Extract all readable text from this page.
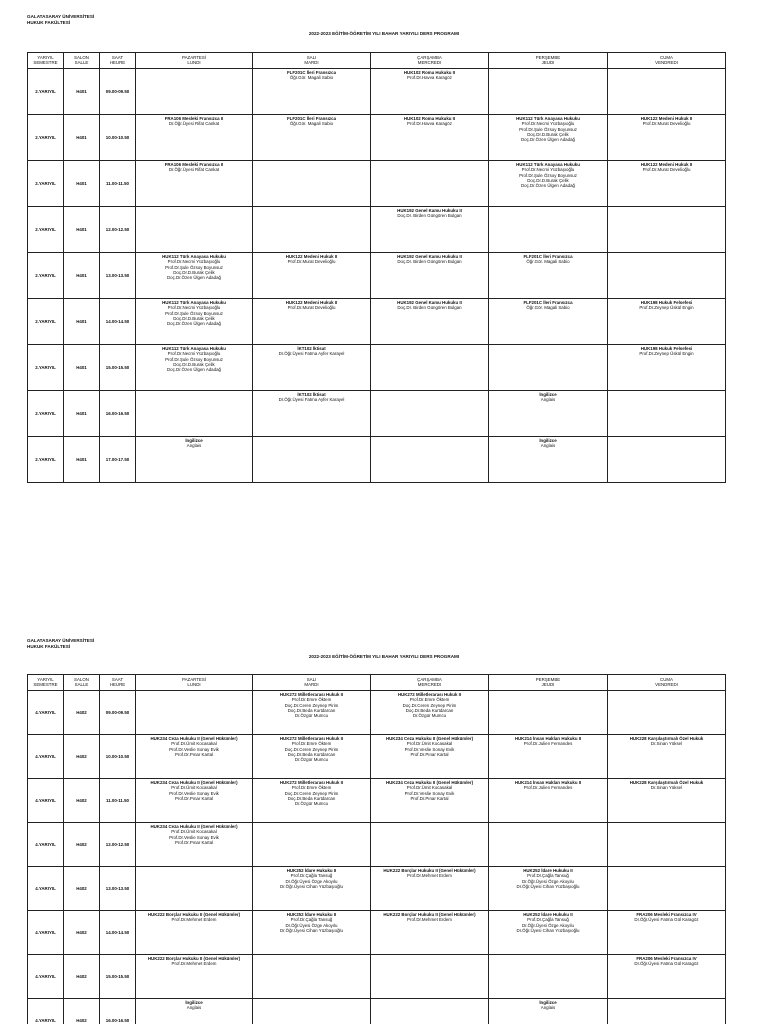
GALATASARAY ÜNİVERSİTESİ
HUKUK FAKÜLTESİ
2022-2023 EĞİTİM-ÖĞRETİM YILI BAHAR YARIYILI DERS PROGRAMI
YARIYIL
SEMESTRE	SALON
SALLE	SAAT
HEURE	PAZARTESİ
LUNDI	SALI
MARDI	ÇARŞAMBA
MERCREDI	PERŞEMBE
JEUDI	CUMA
VENDREDI

2.YARIYIL	H401	09.00-09.50		FLF201C İleri Fransızca
Öğr.Gör. Magali Sabio	HUK102 Roma Hukuku II
Prof.Dr.Havva Karagöz		

2.YARIYIL	H401	10.00-10.50	FRA106 Mesleki Fransızca II
Dr.Öğr.Üyesi Rifat Cankat	FLF201C İleri Fransızca
Öğr.Gör. Magali Sabio	HUK102 Roma Hukuku II
Prof.Dr.Havva Karagöz	HUK112 Türk Anayasa Hukuku
Prof.Dr.Necmi Yüzbaşıoğlu
Prof.Dr.Şule Özsoy Boyunsuz
Doç.Dr.D.Burak Çelik
Doç.Dr.Özen Ülgen Adadağ	HUK122 Medeni Hukuk II
Prof.Dr.Murat Develioğlu

2.YARIYIL	H401	11.00-11.50	FRA106 Mesleki Fransızca II
Dr.Öğr.Üyesi Rifat Cankat			HUK112 Türk Anayasa Hukuku
Prof.Dr.Necmi Yüzbaşıoğlu
Prof.Dr.Şule Özsoy Boyunsuz
Doç.Dr.D.Burak Çelik
Doç.Dr.Özen Ülgen Adadağ	HUK122 Medeni Hukuk II
Prof.Dr.Murat Develioğlu

2.YARIYIL	H401	12.00-12.50			HUK192 Genel Kamu Hukuku II
Doç.Dr. Birden Güngören Bulgan		

2.YARIYIL	H401	13.00-13.50	HUK112 Türk Anayasa Hukuku
Prof.Dr.Necmi Yüzbaşıoğlu
Prof.Dr.Şule Özsoy Boyunsuz
Doç.Dr.D.Burak Çelik
Doç.Dr.Özen Ülgen Adadağ	HUK122 Medeni Hukuk II
Prof.Dr.Murat Develioğlu	HUK192 Genel Kamu Hukuku II
Doç.Dr. Birden Güngören Bulgan	FLF201C İleri Fransızca
Öğr.Gör. Magali Sabio	

2.YARIYIL	H401	14.00-14.50	HUK112 Türk Anayasa Hukuku
Prof.Dr.Necmi Yüzbaşıoğlu
Prof.Dr.Şule Özsoy Boyunsuz
Doç.Dr.D.Burak Çelik
Doç.Dr.Özen Ülgen Adadağ	HUK122 Medeni Hukuk II
Prof.Dr.Murat Develioğlu	HUK192 Genel Kamu Hukuku II
Doç.Dr. Birden Güngören Bulgan	FLF201C İleri Fransızca
Öğr.Gör. Magali Sabio	HUK198 Hukuk Felsefesi
Prof.Dr.Zeynep Üskül Engin

2.YARIYIL	H401	15.00-15.50	HUK112 Türk Anayasa Hukuku
Prof.Dr.Necmi Yüzbaşıoğlu
Prof.Dr.Şule Özsoy Boyunsuz
Doç.Dr.D.Burak Çelik
Doç.Dr.Özen Ülgen Adadağ	İKT102 İktisat
Dr.Öğr.Üyesi Fatma Ayfer Karayel			HUK198 Hukuk Felsefesi
Prof.Dr.Zeynep Üskül Engin

2.YARIYIL	H401	16.00-16.50		İKT102 İktisat
Dr.Öğr.Üyesi Fatma Ayfer Karayel		İngilizce
Anglais	

2.YARIYIL	H401	17.00-17.50	İngilizce
Anglais			İngilizce
Anglais	

GALATASARAY ÜNİVERSİTESİ
HUKUK FAKÜLTESİ
2022-2023 EĞİTİM-ÖĞRETİM YILI BAHAR YARIYILI DERS PROGRAMI
YARIYIL
SEMESTRE	SALON
SALLE	SAAT
HEURE	PAZARTESİ
LUNDI	SALI
MARDI	ÇARŞAMBA
MERCREDI	PERŞEMBE
JEUDI	CUMA
VENDREDI

4.YARIYIL	H402	09.00-09.50		HUK272 Milletlerarası Hukuk II
Prof.Dr.Emre Öktem
Doç.Dr.Ceren Zeynep Pirim
Doç.Dr.Beda Kurtdarcan
Dr.Özgür Mumcu	HUK272 Milletlerarası Hukuk II
Prof.Dr.Emre Öktem
Doç.Dr.Ceren Zeynep Pirim
Doç.Dr.Beda Kurtdarcan
Dr.Özgür Mumcu		

4.YARIYIL	H402	10.00-10.50	HUK234 Ceza Hukuku II (Genel Hükümler)
Prof.Dr.Ümit Kocasakal
Prof.Dr.Veslie Sonay Evik
Prof.Dr.Pınar Kartal	HUK272 Milletlerarası Hukuk II
Prof.Dr.Emre Öktem
Doç.Dr.Ceren Zeynep Pirim
Doç.Dr.Beda Kurtdarcan
Dr.Özgür Mumcu	HUK234 Ceza Hukuku II (Genel Hükümler)
Prof.Dr.Ümit Kocasakal
Prof.Dr.Veslie Sonay Evik
Prof.Dr.Pınar Kartal	HUK214 İnsan Hakları Hukuku II
Prof.Dr.Julien Fernandes	HUK228 Karşılaştırmalı Özel Hukuk
Dr.Sinan Yüksel

4.YARIYIL	H402	11.00-11.50	HUK234 Ceza Hukuku II (Genel Hükümler)
Prof.Dr.Ümit Kocasakal
Prof.Dr.Veslie Sonay Evik
Prof.Dr.Pınar Kartal	HUK272 Milletlerarası Hukuk II
Prof.Dr.Emre Öktem
Doç.Dr.Ceren Zeynep Pirim
Doç.Dr.Beda Kurtdarcan
Dr.Özgür Mumcu	HUK234 Ceza Hukuku II (Genel Hükümler)
Prof.Dr.Ümit Kocasakal
Prof.Dr.Veslie Sonay Evik
Prof.Dr.Pınar Kartal	HUK214 İnsan Hakları Hukuku II
Prof.Dr.Julien Fernandes	HUK228 Karşılaştırmalı Özel Hukuk
Dr.Sinan Yüksel

4.YARIYIL	H402	12.00-12.50	HUK234 Ceza Hukuku II (Genel Hükümler)
Prof.Dr.Ümit Kocasakal
Prof.Dr.Veslie Sonay Evik
Prof.Dr.Pınar Kartal				

4.YARIYIL	H402	13.00-13.50		HUK252 İdare Hukuku II
Prof.Dr.Çağla Tansuğ
Dr.Öğr.Üyesi Özge Akoyılu
Dr.Öğr.Üyesi Cihan Yüzbaşıoğlu	HUK222 Borçlar Hukuku II (Genel Hükümler)
Prof.Dr.Mehmet Erdem	HUK252 İdare Hukuku II
Prof.Dr.Çağla Tansuğ
Dr.Öğr.Üyesi Özge Akoyılu
Dr.Öğr.Üyesi Cihan Yüzbaşıoğlu	

4.YARIYIL	H402	14.00-14.50	HUK222 Borçlar Hukuku II (Genel Hükümler)
Prof.Dr.Mehmet Erdem	HUK252 İdare Hukuku II
Prof.Dr.Çağla Tansuğ
Dr.Öğr.Üyesi Özge Akoyılu
Dr.Öğr.Üyesi Cihan Yüzbaşıoğlu	HUK222 Borçlar Hukuku II (Genel Hükümler)
Prof.Dr.Mehmet Erdem	HUK252 İdare Hukuku II
Prof.Dr.Çağla Tansuğ
Dr.Öğr.Üyesi Özge Akoyılu
Dr.Öğr.Üyesi Cihan Yüzbaşıoğlu	FRA206 Mesleki Fransızca IV
Dr.Öğr.Üyesi Fatma Gül Karagöz

4.YARIYIL	H402	15.00-15.50	HUK222 Borçlar Hukuku II (Genel Hükümler)
Prof.Dr.Mehmet Erdem				FRA206 Mesleki Fransızca IV
Dr.Öğr.Üyesi Fatma Gül Karagöz

4.YARIYIL	H402	16.00-16.50	İngilizce
Anglais			İngilizce
Anglais	
